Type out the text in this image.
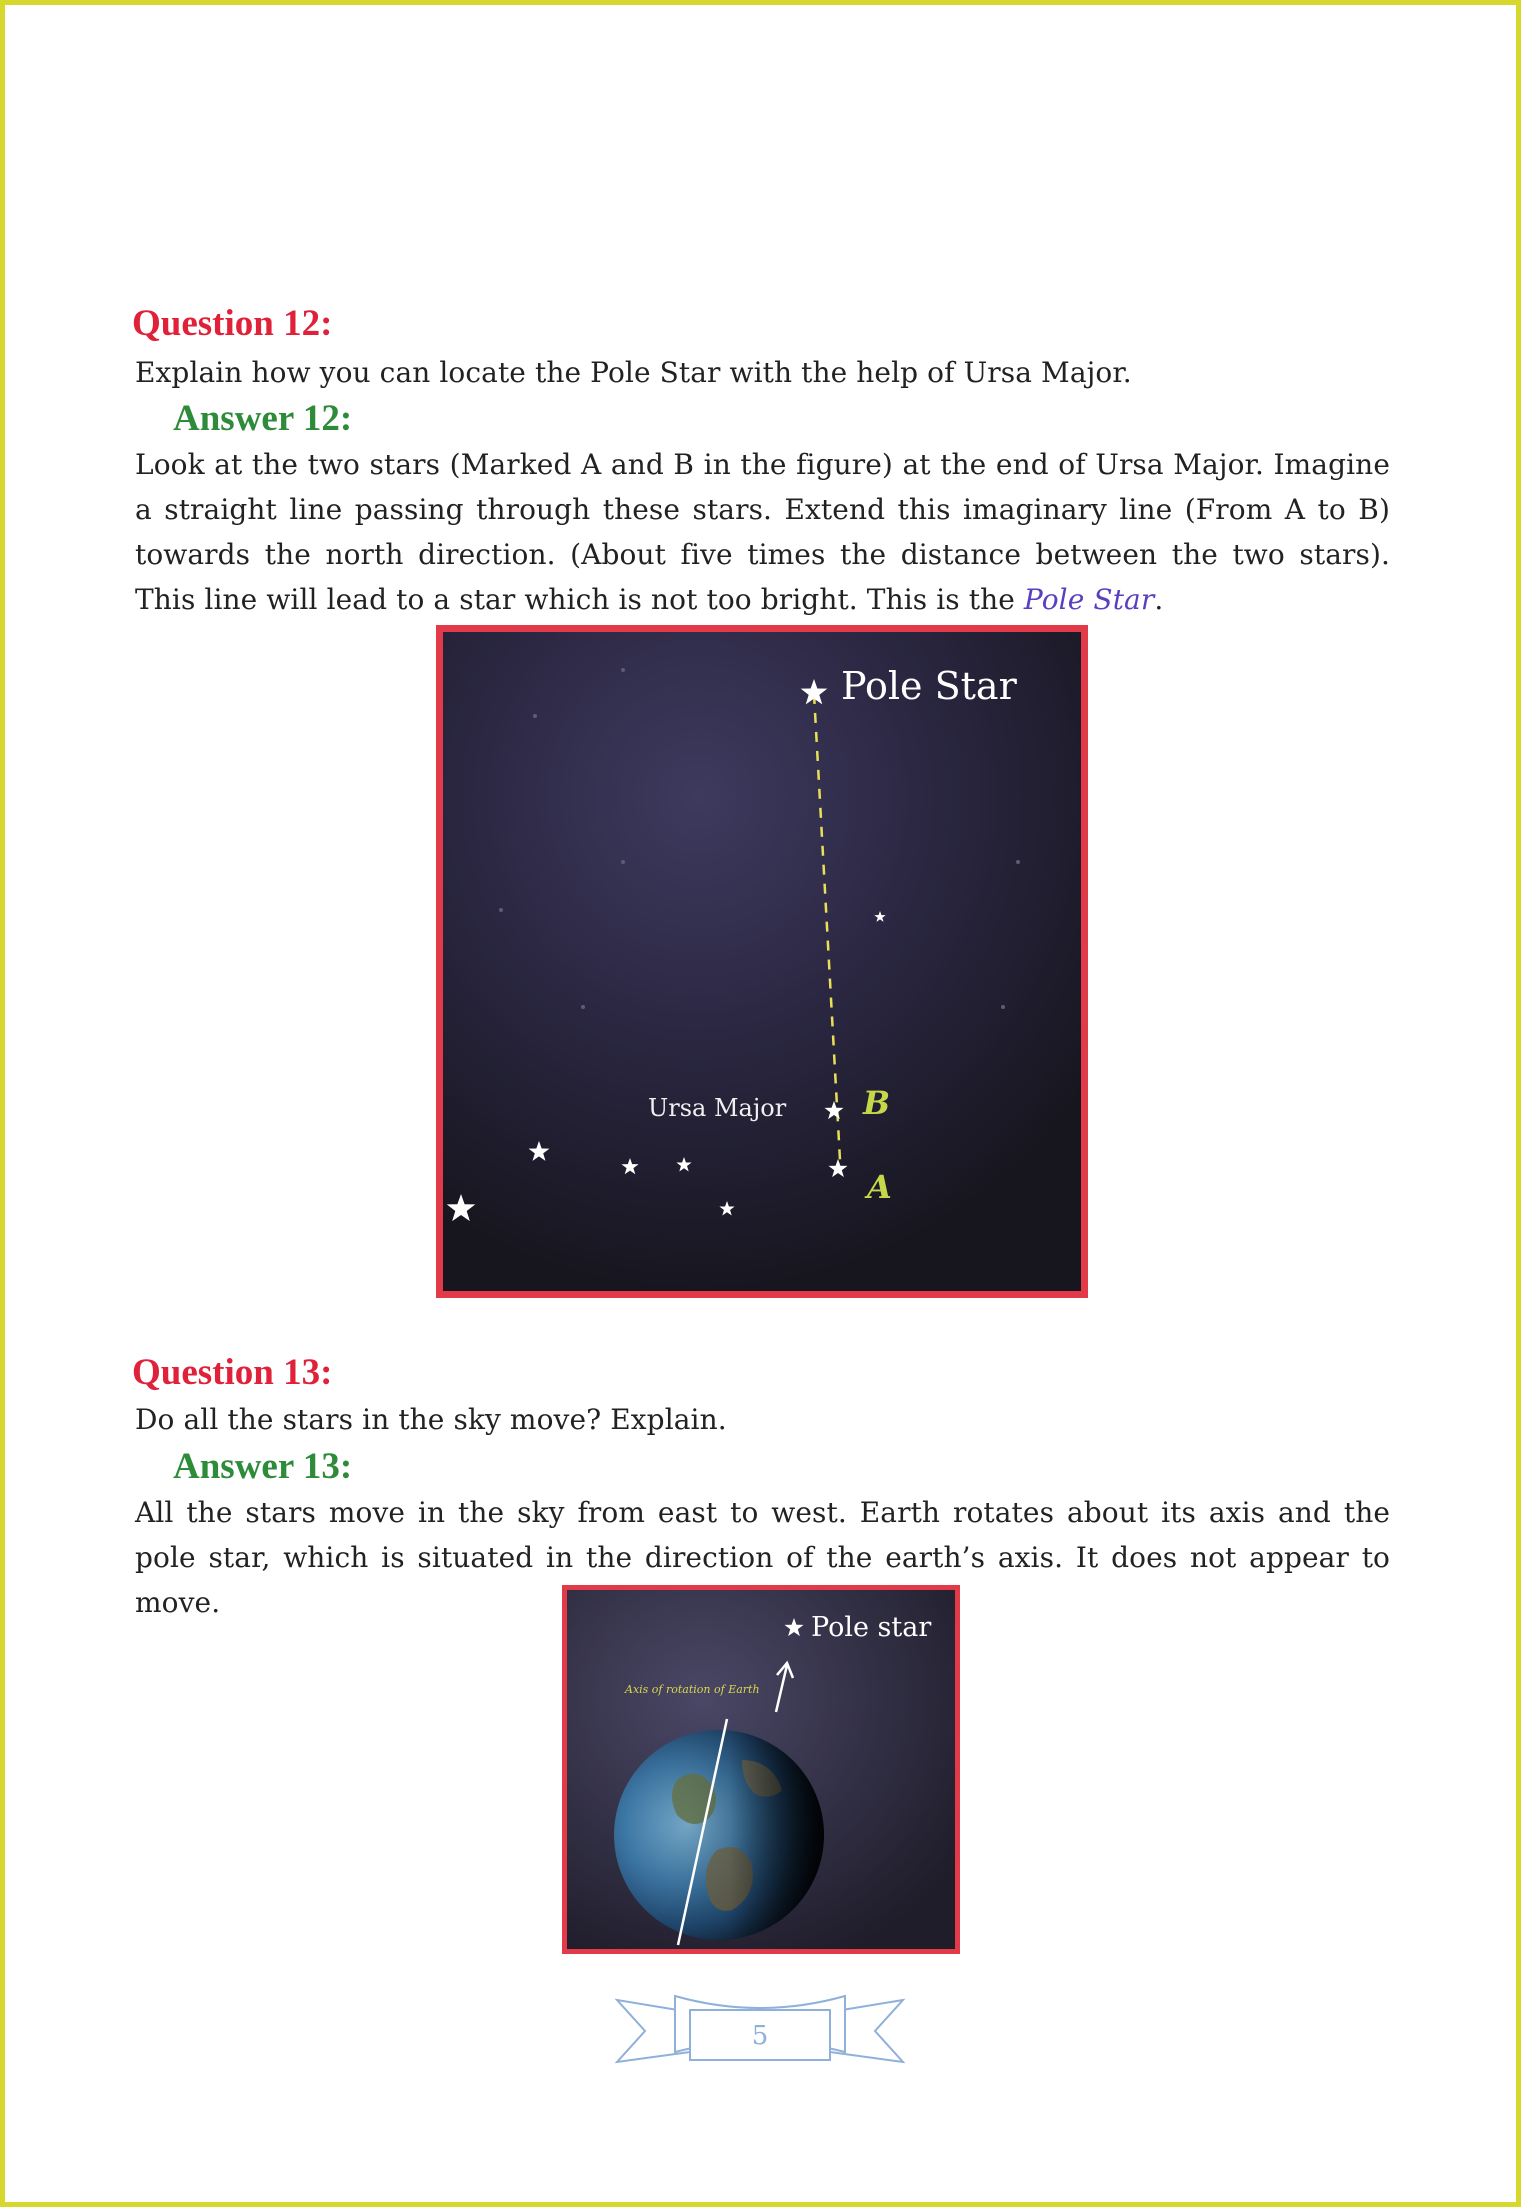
Question 12:
Explain how you can locate the Pole Star with the help of Ursa Major.
Answer 12:
Look at the two stars (Marked A and B in the figure) at the end of Ursa Major. Imagine a straight line passing through these stars. Extend this imaginary line (From A to B) towards the north direction. (About five times the distance between the two stars). This line will lead to a star which is not too bright. This is the Pole Star.
Pole Star
Ursa Major B
A
Question 13:
Do all the stars in the sky move? Explain.
Answer 13:
All the stars move in the sky from east to west. Earth rotates about its axis and the pole star, which is situated in the direction of the earth’s axis. It does not appear to move.
Axis of rotation of Earth
Pole star
5
